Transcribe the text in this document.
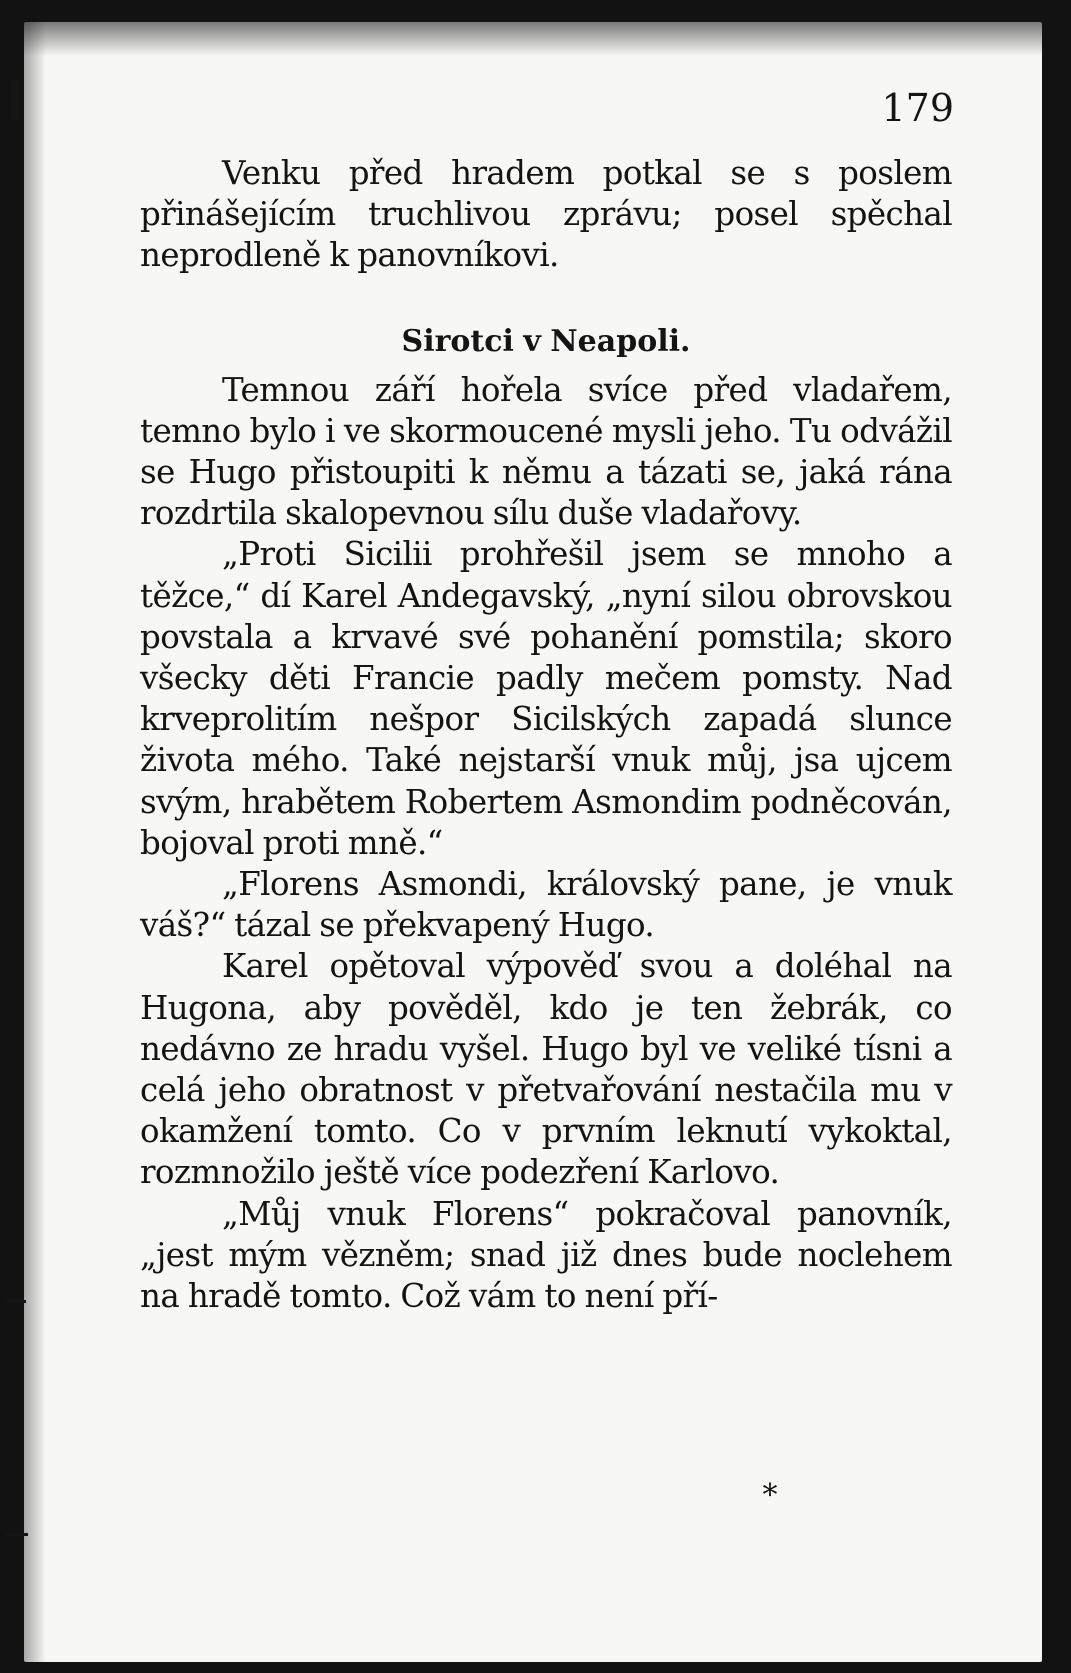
179

Venku před hradem potkal se s poslem přinášejícím truchlivou zprávu; posel spěchal neprodleně k panovníkovi.

Sirotci v Neapoli.

Temnou září hořela svíce před vladařem, temno bylo i ve skormoucené mysli jeho. Tu odvážil se Hugo přistoupiti k němu a tázati se, jaká rána rozdrtila skalopevnou sílu duše vladařovy.

„Proti Sicilii prohřešil jsem se mnoho a těžce,“ dí Karel Andegavský, „nyní silou obrovskou povstala a krvavé své pohanění pomstila; skoro všecky děti Francie padly mečem pomsty. Nad krveprolitím nešpor Sicilských zapadá slunce života mého. Také nejstarší vnuk můj, jsa ujcem svým, hrabětem Robertem Asmondim podněcován, bojoval proti mně.“

„Florens Asmondi, královský pane, je vnuk váš?“ tázal se překvapený Hugo.

Karel opětoval výpověď svou a doléhal na Hugona, aby pověděl, kdo je ten žebrák, co nedávno ze hradu vyšel. Hugo byl ve veliké tísni a celá jeho obratnost v přetvařování nestačila mu v okamžení tomto. Co v prvním leknutí vykoktal, rozmnožilo ještě více podezření Karlovo.

„Můj vnuk Florens“ pokračoval panovník, „jest mým vězněm; snad již dnes bude noclehem na hradě tomto. Což vám to není pří-

*
